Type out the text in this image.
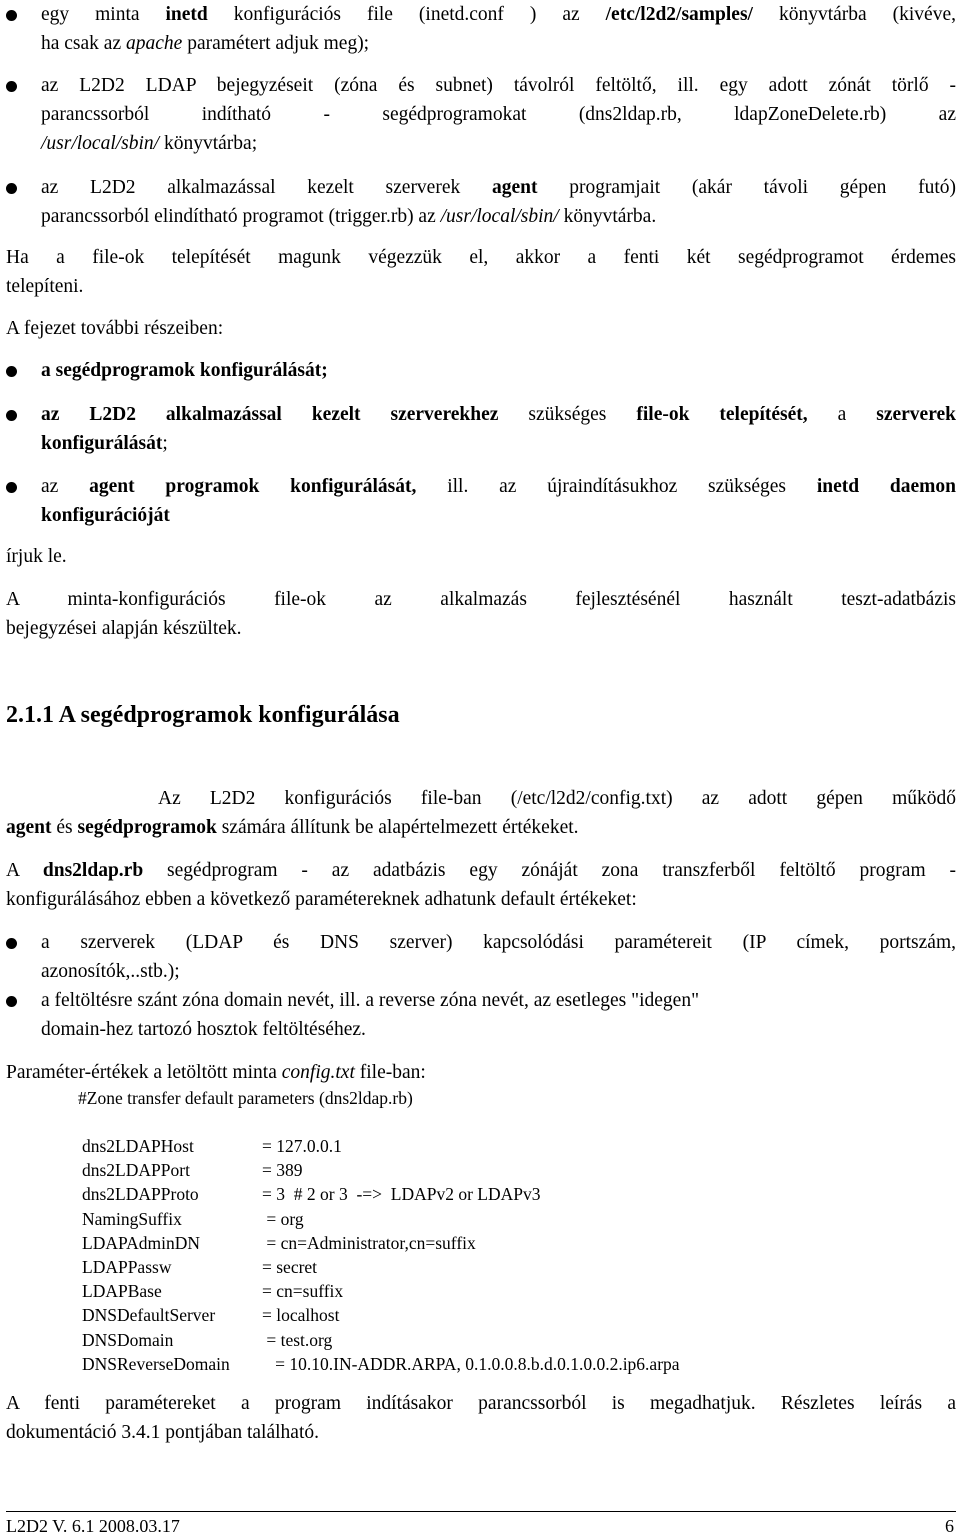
egy minta inetd konfigurációs file (inetd.conf ) az /etc/l2d2/samples/ könyvtárba (kivéve,
ha csak az apache paramétert adjuk meg);
az L2D2 LDAP bejegyzéseit (zóna és subnet) távolról feltöltő, ill. egy adott zónát törlő -
parancssorból indítható - segédprogramokat (dns2ldap.rb, ldapZoneDelete.rb) az
/usr/local/sbin/ könyvtárba;
az L2D2 alkalmazással kezelt szerverek agent programjait (akár távoli gépen futó)
parancssorból elindítható programot (trigger.rb) az /usr/local/sbin/ könyvtárba.
Ha a file-ok telepítését magunk végezzük el, akkor a fenti két segédprogramot érdemes
telepíteni.
A fejezet további részeiben:
a segédprogramok konfigurálását;
az L2D2 alkalmazással kezelt szerverekhez szükséges file-ok telepítését, a szerverek
konfigurálását;
az agent programok konfigurálását, ill. az újraindításukhoz szükséges inetd daemon
konfigurációját
írjuk le.
A minta-konfigurációs file-ok az alkalmazás fejlesztésénél használt teszt-adatbázis
bejegyzései alapján készültek.
2.1.1 A segédprogramok konfigurálása
Az L2D2 konfigurációs file-ban (/etc/l2d2/config.txt) az adott gépen működő
agent és segédprogramok számára állítunk be alapértelmezett értékeket.
A dns2ldap.rb segédprogram - az adatbázis egy zónáját zona transzferből feltöltő program -
konfigurálásához ebben a következő paramétereknek adhatunk default értékeket:
a szerverek (LDAP és DNS szerver) kapcsolódási paramétereit (IP címek, portszám,
azonosítók,..stb.);
a feltöltésre szánt zóna domain nevét, ill. a reverse zóna nevét, az esetleges "idegen"
domain-hez tartozó hosztok feltöltéséhez.
Paraméter-értékek a letöltött minta config.txt file-ban:
#Zone transfer default parameters (dns2ldap.rb)
dns2LDAPHost	= 127.0.0.1
dns2LDAPPort	= 389
dns2LDAPProto	= 3  # 2 or 3  -=>  LDAPv2 or LDAPv3
NamingSuffix	= org
LDAPAdminDN	= cn=Administrator,cn=suffix
LDAPPassw	= secret
LDAPBase	= cn=suffix
DNSDefaultServer	= localhost
DNSDomain	= test.org
DNSReverseDomain   = 10.10.IN-ADDR.ARPA, 0.1.0.0.8.b.d.0.1.0.0.2.ip6.arpa
A fenti paramétereket a program indításakor parancssorból is megadhatjuk. Részletes leírás a
dokumentáció 3.4.1 pontjában található.
L2D2 V. 6.1 2008.03.17	6
